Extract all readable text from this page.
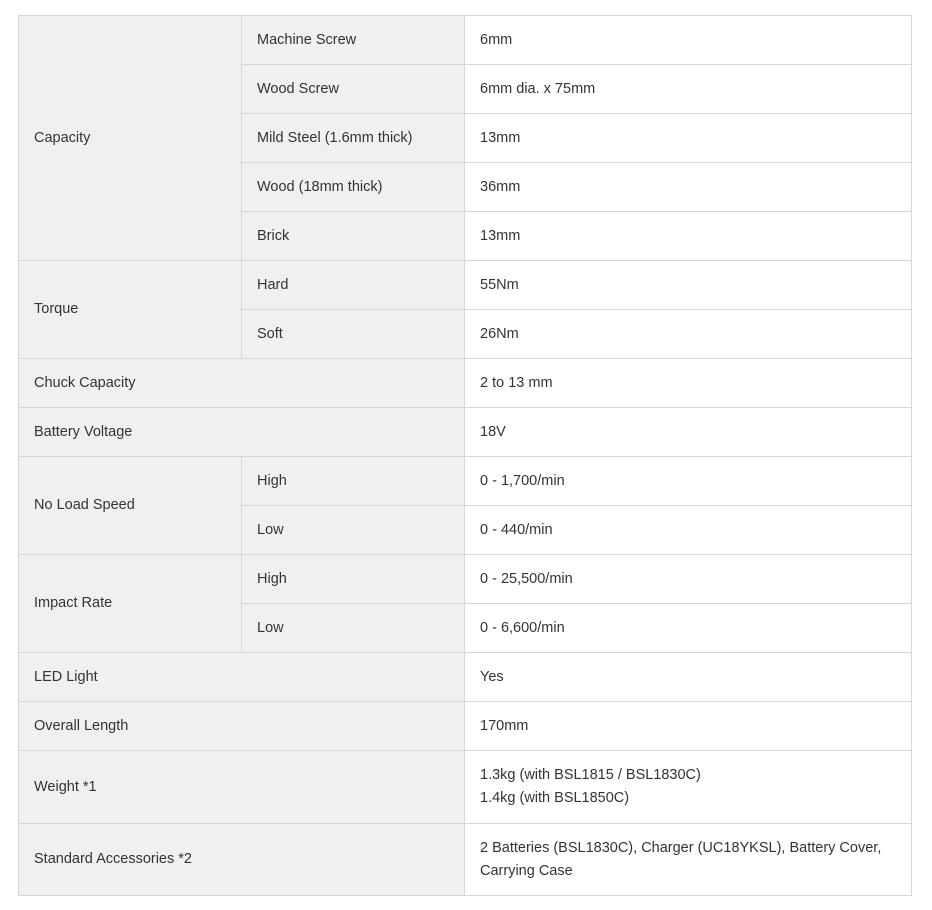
Capacity	Machine Screw	6mm
	Wood Screw	6mm dia. x 75mm
	Mild Steel (1.6mm thick)	13mm
	Wood (18mm thick)	36mm
	Brick	13mm
Torque	Hard	55Nm
	Soft	26Nm
Chuck Capacity		2 to 13 mm
Battery Voltage		18V
No Load Speed	High	0 - 1,700/min
	Low	0 - 440/min
Impact Rate	High	0 - 25,500/min
	Low	0 - 6,600/min
LED Light		Yes
Overall Length		170mm
Weight *1		1.3kg (with BSL1815 / BSL1830C)
1.4kg (with BSL1850C)

Standard Accessories *2		2 Batteries (BSL1830C), Charger (UC18YKSL), Battery Cover,
Carrying Case
